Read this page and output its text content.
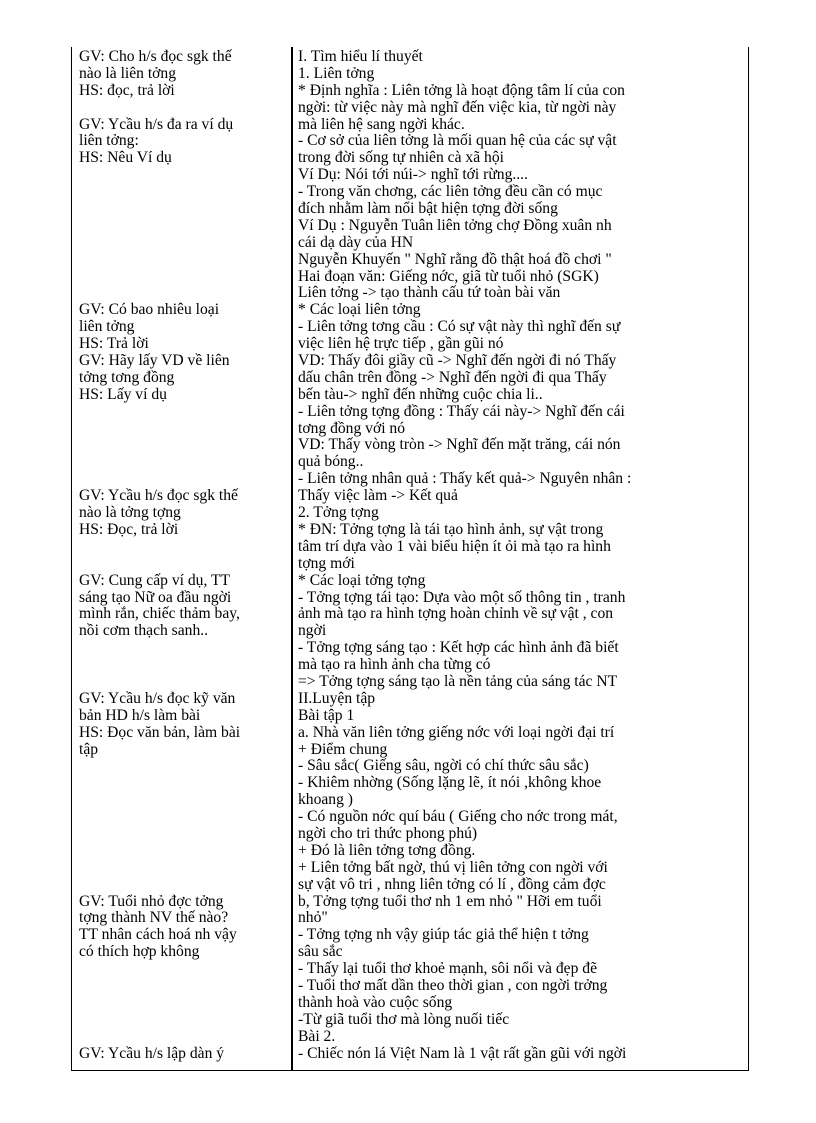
GV: Cho h/s đọc sgk thế
nào là liên tởng
HS: đọc, trả lời
GV: Ycầu h/s đa ra ví dụ
liên tởng:
HS: Nêu Ví dụ
GV: Có bao nhiêu loại
liên tởng
HS: Trả lời
GV: Hãy lấy VD về liên
tởng tơng đồng
HS: Lấy ví dụ
GV: Ycầu h/s đọc sgk thế
nào là tởng tợng
HS: Đọc, trả lời
GV: Cung cấp ví dụ, TT
sáng tạo Nữ oa đầu ngời
mình rắn, chiếc thảm bay,
nồi cơm thạch sanh..
GV: Ycầu h/s đọc kỹ văn
bản HD h/s làm bài
HS: Đọc văn bản, làm bài
tập
GV: Tuổi nhỏ đợc tởng
tợng thành NV thế nào?
TT nhân cách hoá nh vậy
có thích hợp không
GV: Ycầu h/s lập dàn ý
I. Tìm hiểu lí thuyết
1. Liên tởng
* Định nghĩa : Liên tởng là hoạt động tâm lí của con
ngời: từ việc này mà nghĩ đến việc kia, từ ngời này
mà liên hệ sang ngời khác.
- Cơ sở của liên tởng là mối quan hệ của các sự vật
trong đời sống tự nhiên cà xã hội
Ví Dụ: Nói tới núi-> nghĩ tới rừng....
- Trong văn chơng, các liên tởng đều cần có mục
đích nhằm làm nổi bật hiện tợng đời sống
Ví Dụ : Nguyễn Tuân liên tởng chợ Đồng xuân nh
cái dạ dày của HN
Nguyễn Khuyến " Nghĩ rằng đồ thật hoá đồ chơi "
Hai đoạn văn: Giếng nớc, giã từ tuổi nhỏ (SGK)
Liên tởng -> tạo thành cấu tứ toàn bài văn
* Các loại liên tởng
- Liên tởng tơng cầu : Có sự vật này thì nghĩ đến sự
việc liên hệ trực tiếp , gần gũi nó
VD: Thấy đôi giầy cũ -> Nghĩ đến ngời đi nó Thấy
dấu chân trên đồng -> Nghĩ đến ngời đi qua Thấy
bến tàu-> nghĩ đến những cuộc chia li..
- Liên tởng tợng đồng : Thấy cái này-> Nghĩ đến cái
tơng đồng với nó
VD: Thấy vòng tròn -> Nghĩ đến mặt trăng, cái nón
quả bóng..
- Liên tởng nhân quả : Thấy kết quả-> Nguyên nhân :
Thấy việc làm -> Kết quả
2. Tởng tợng
* ĐN: Tởng tợng là tái tạo hình ảnh, sự vật trong
tâm trí dựa vào 1 vài biểu hiện ít ỏi mà tạo ra hình
tợng mới
* Các loại tởng tợng
- Tởng tợng tái tạo: Dựa vào một số thông tin , tranh
ảnh mà tạo ra hình tợng hoàn chỉnh về sự vật , con
ngời
- Tởng tợng sáng tạo : Kết hợp các hình ảnh đã biết
mà tạo ra hình ảnh cha từng có
=> Tởng tợng sáng tạo là nền tảng của sáng tác NT
II.Luyện tập
Bài tập 1
a. Nhà văn liên tởng giếng nớc với loại ngời đại trí
+ Điểm chung
- Sâu sắc( Giếng sâu, ngời có chí thức sâu sắc)
- Khiêm nhờng (Sống lặng lẽ, ít nói ,không khoe
khoang )
- Có nguồn nớc quí báu ( Giếng cho nớc trong mát,
ngời cho tri thức phong phú)
+ Đó là liên tởng tơng đồng.
+ Liên tởng bất ngờ, thú vị liên tởng con ngời với
sự vật vô tri , nhng liên tởng có lí , đồng cảm đợc
b, Tởng tợng tuổi thơ nh 1 em nhỏ " Hỡi em tuổi
nhỏ"
- Tởng tợng nh vậy giúp tác giả thể hiện t tởng
sâu sắc
- Thấy lại tuổi thơ khoẻ mạnh, sôi nổi và đẹp đẽ
- Tuổi thơ mất dần theo thời gian , con ngời trởng
thành hoà vào cuộc sống
-Từ giã tuổi thơ mà lòng nuối tiếc
Bài 2.
- Chiếc nón lá Việt Nam là 1 vật rất gần gũi với ngời
